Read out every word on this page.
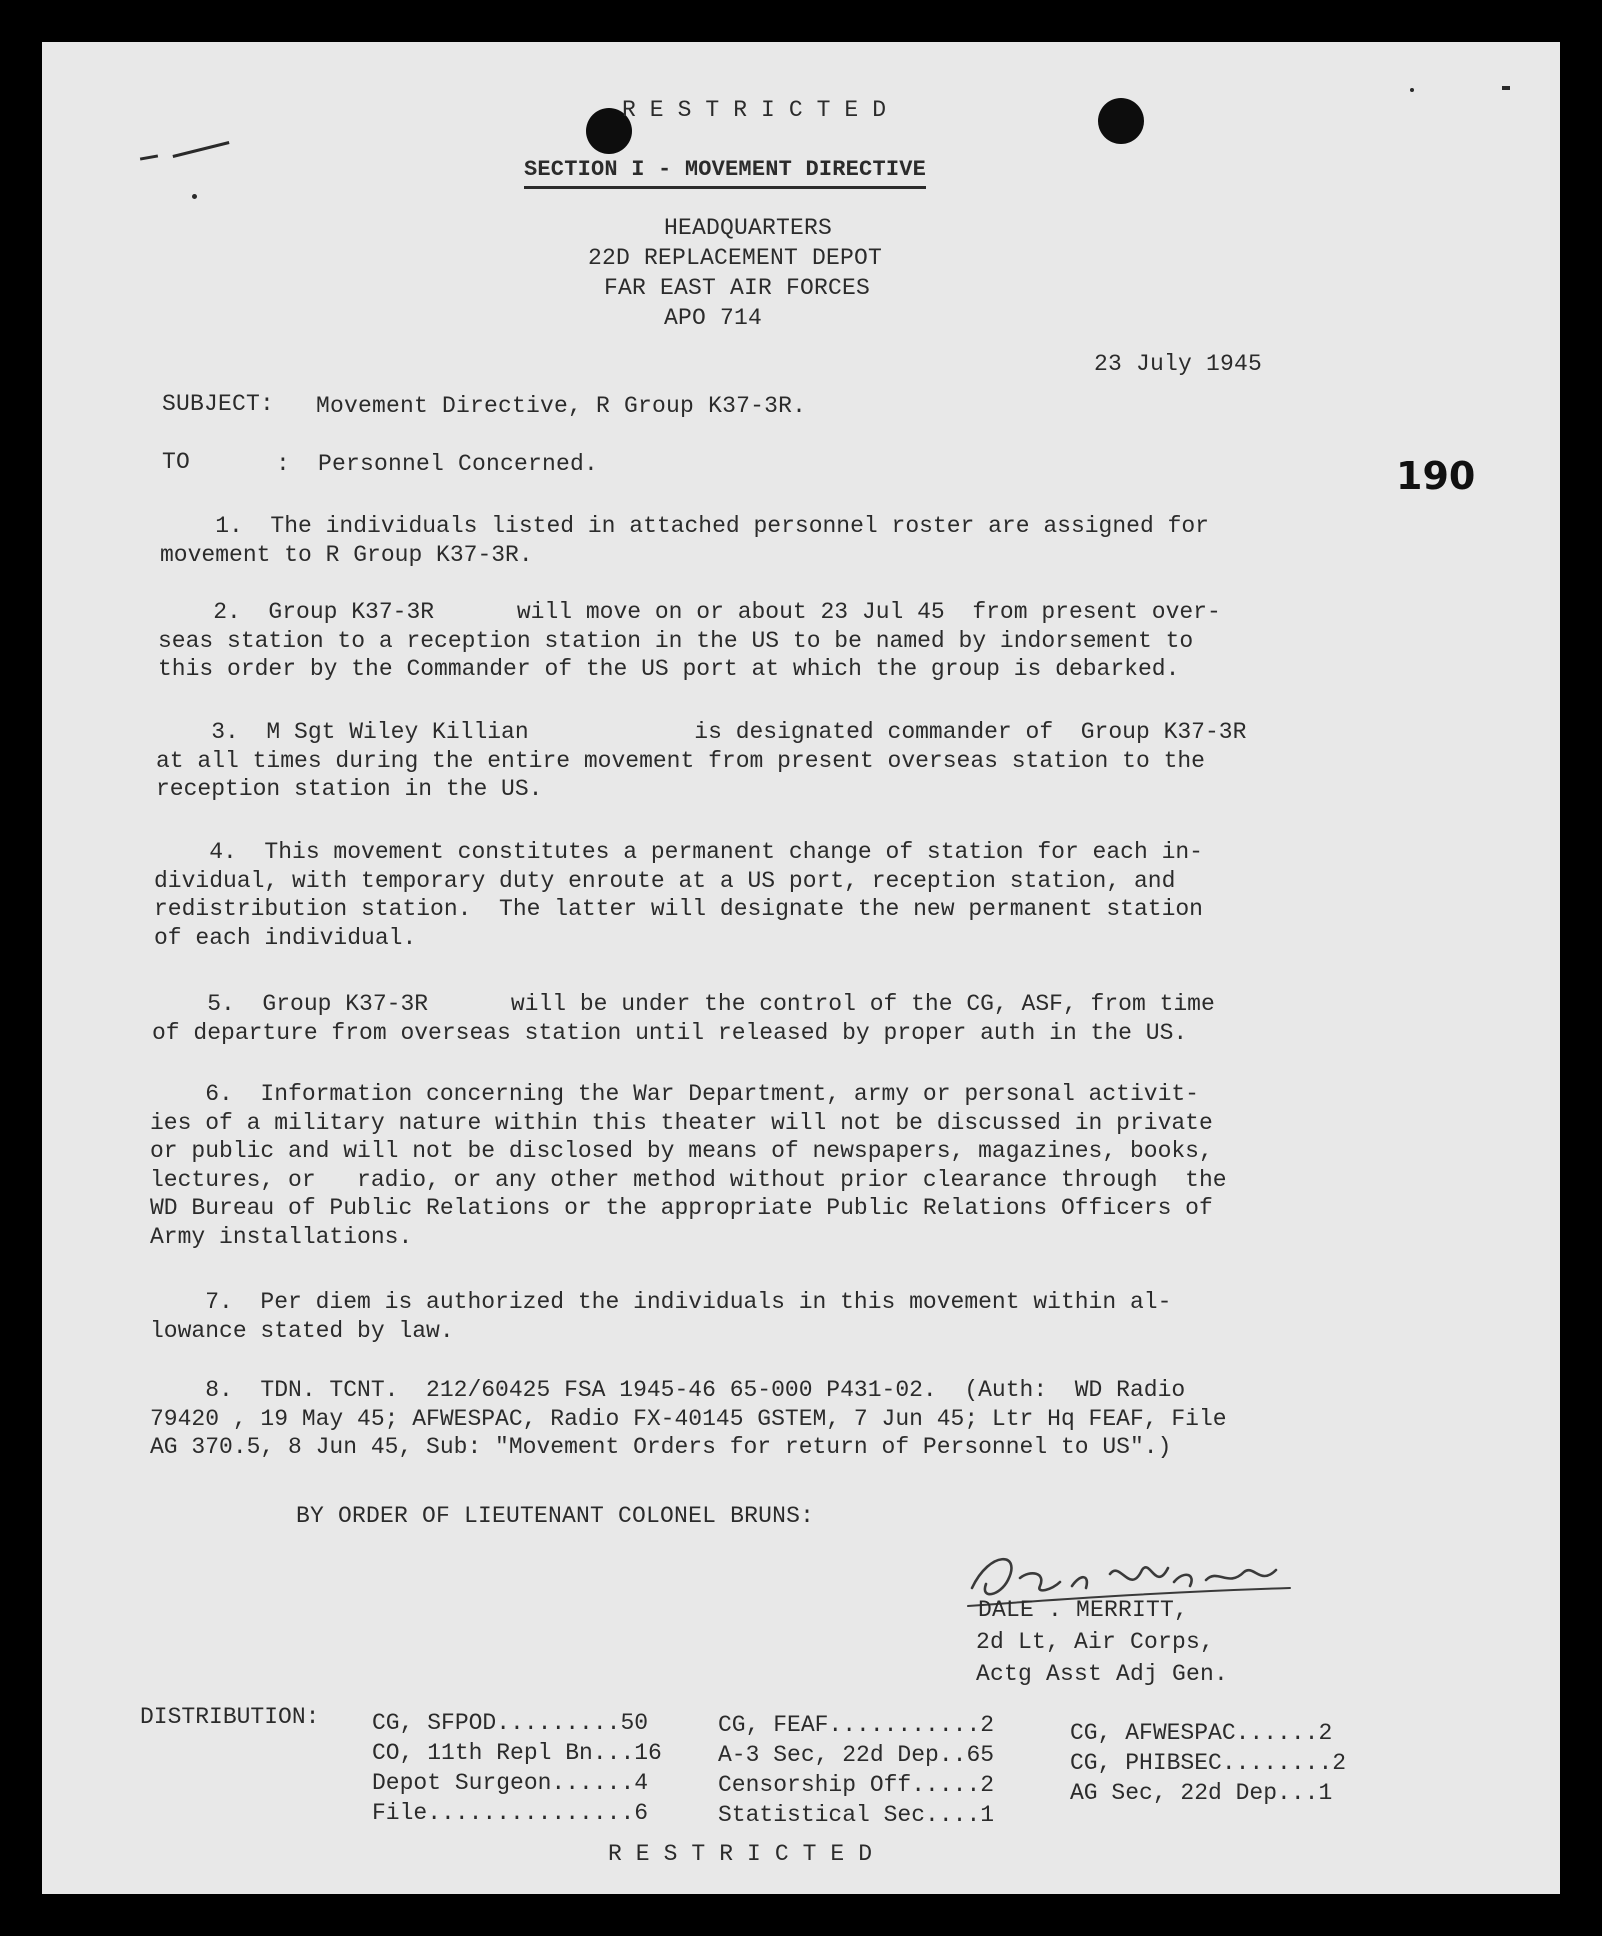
RESTRICTED
SECTION I - MOVEMENT DIRECTIVE
HEADQUARTERS
22D REPLACEMENT DEPOT
FAR EAST AIR FORCES
APO 714
23 July 1945
190
SUBJECT: Movement Directive, R Group K37-3R.
TO	: Personnel Concerned.
1.  The individuals listed in attached personnel roster are assigned for
movement to R Group K37-3R.
2.  Group K37-3R      will move on or about 23 Jul 45  from present over-
seas station to a reception station in the US to be named by indorsement to
this order by the Commander of the US port at which the group is debarked.
3.  M Sgt Wiley Killian            is designated commander of  Group K37-3R
at all times during the entire movement from present overseas station to the
reception station in the US.
4.  This movement constitutes a permanent change of station for each in-
dividual, with temporary duty enroute at a US port, reception station, and
redistribution station.  The latter will designate the new permanent station
of each individual.
5.  Group K37-3R      will be under the control of the CG, ASF, from time
of departure from overseas station until released by proper auth in the US.
6.  Information concerning the War Department, army or personal activit-
ies of a military nature within this theater will not be discussed in private
or public and will not be disclosed by means of newspapers, magazines, books,
lectures, or   radio, or any other method without prior clearance through  the
WD Bureau of Public Relations or the appropriate Public Relations Officers of
Army installations.
7.  Per diem is authorized the individuals in this movement within al-
lowance stated by law.
8.  TDN. TCNT.  212/60425 FSA 1945-46 65-000 P431-02.  (Auth:  WD Radio
79420 , 19 May 45; AFWESPAC, Radio FX-40145 GSTEM, 7 Jun 45; Ltr Hq FEAF, File
AG 370.5, 8 Jun 45, Sub: "Movement Orders for return of Personnel to US".)
BY ORDER OF LIEUTENANT COLONEL BRUNS:
DALE . MERRITT,
2d Lt, Air Corps,
Actg Asst Adj Gen.
DISTRIBUTION: CG, SFPOD.........50
CO, 11th Repl Bn...16
Depot Surgeon......4
File...............6
CG, FEAF...........2
A-3 Sec, 22d Dep..65
Censorship Off.....2
Statistical Sec....1
CG, AFWESPAC......2
CG, PHIBSEC........2
AG Sec, 22d Dep...1
RESTRICTED
